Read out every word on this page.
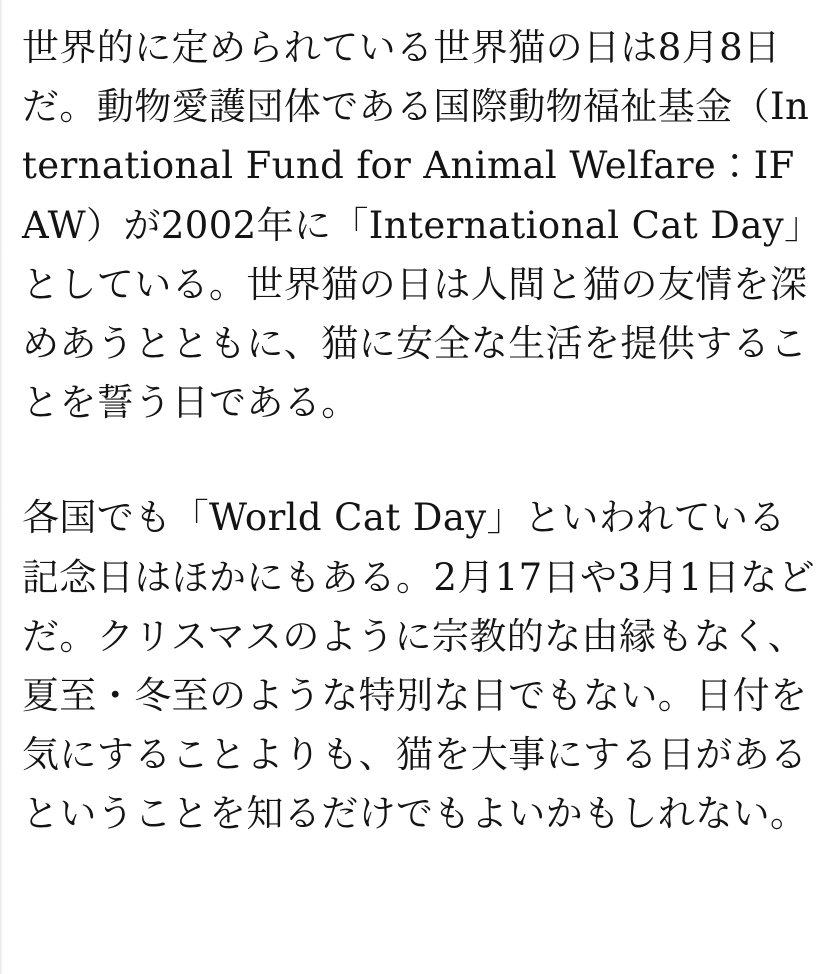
世界的に定められている世界猫の日は8月8日だ。動物愛護団体である国際動物福祉基金（International Fund for Animal Welfare：IFAW）が2002年に「International Cat Day」としている。世界猫の日は人間と猫の友情を深めあうとともに、猫に安全な生活を提供することを誓う日である。

各国でも「World Cat Day」といわれている記念日はほかにもある。2月17日や3月1日などだ。クリスマスのように宗教的な由縁もなく、夏至・冬至のような特別な日でもない。日付を気にすることよりも、猫を大事にする日があるということを知るだけでもよいかもしれない。
